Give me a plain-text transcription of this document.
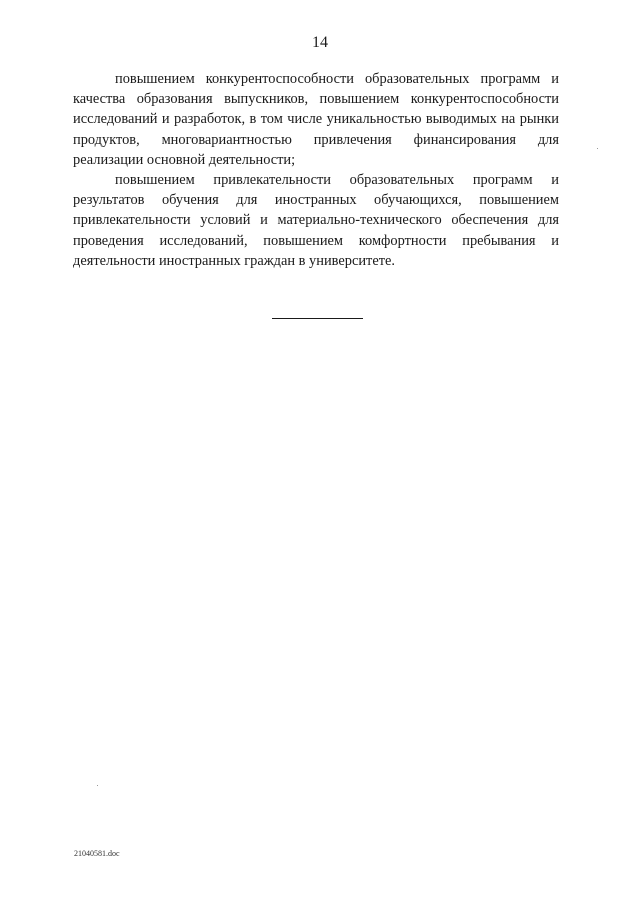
14

повышением конкурентоспособности образовательных программ и качества образования выпускников, повышением конкурентоспособности исследований и разработок, в том числе уникальностью выводимых на рынки продуктов, многовариантностью привлечения финансирования для реализации основной деятельности;

повышением привлекательности образовательных программ и результатов обучения для иностранных обучающихся, повышением привлекательности условий и материально-технического обеспечения для проведения исследований, повышением комфортности пребывания и деятельности иностранных граждан в университете.

21040581.doc
